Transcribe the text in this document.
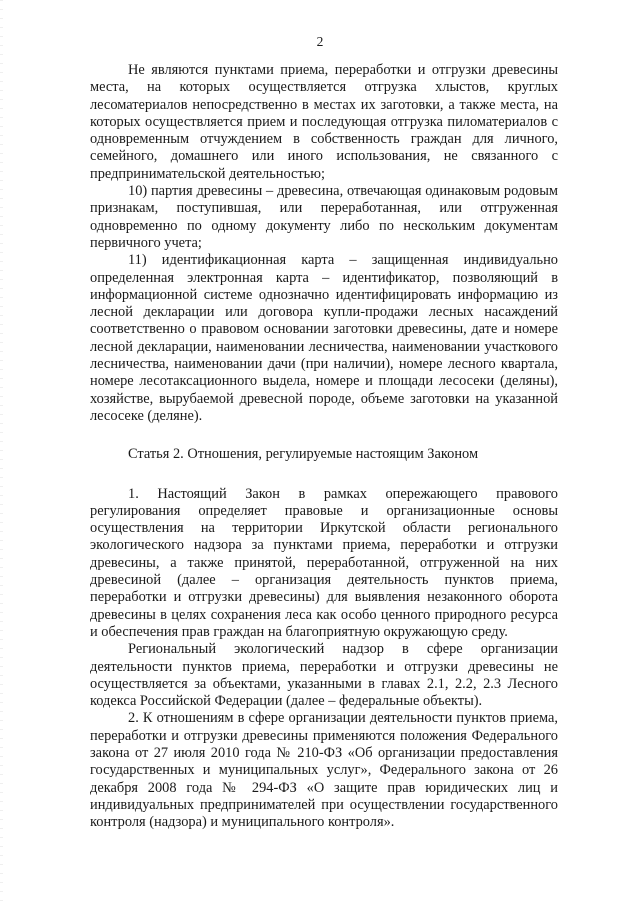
2

Не являются пунктами приема, переработки и отгрузки древесины места, на которых осуществляется отгрузка хлыстов, круглых лесоматериалов непосредственно в местах их заготовки, а также места, на которых осуществляется прием и последующая отгрузка пиломатериалов с одновременным отчуждением в собственность граждан для личного, семейного, домашнего или иного использования, не связанного с предпринимательской деятельностью;

10) партия древесины – древесина, отвечающая одинаковым родовым признакам, поступившая, или переработанная, или отгруженная одновременно по одному документу либо по нескольким документам первичного учета;

11) идентификационная карта – защищенная индивидуально определенная электронная карта – идентификатор, позволяющий в информационной системе однозначно идентифицировать информацию из лесной декларации или договора купли-продажи лесных насаждений соответственно о правовом основании заготовки древесины, дате и номере лесной декларации, наименовании лесничества, наименовании участкового лесничества, наименовании дачи (при наличии), номере лесного квартала, номере лесотаксационного выдела, номере и площади лесосеки (деляны), хозяйстве, вырубаемой древесной породе, объеме заготовки на указанной лесосеке (деляне).

Статья 2. Отношения, регулируемые настоящим Законом

1. Настоящий Закон в рамках опережающего правового регулирования определяет правовые и организационные основы осуществления на территории Иркутской области регионального экологического надзора за пунктами приема, переработки и отгрузки древесины, а также принятой, переработанной, отгруженной на них древесиной (далее – организация деятельность пунктов приема, переработки и отгрузки древесины) для выявления незаконного оборота древесины в целях сохранения леса как особо ценного природного ресурса и обеспечения прав граждан на благоприятную окружающую среду.

Региональный экологический надзор в сфере организации деятельности пунктов приема, переработки и отгрузки древесины не осуществляется за объектами, указанными в главах 2.1, 2.2, 2.3 Лесного кодекса Российской Федерации (далее – федеральные объекты).

2. К отношениям в сфере организации деятельности пунктов приема, переработки и отгрузки древесины применяются положения Федерального закона от 27 июля 2010 года № 210-ФЗ «Об организации предоставления государственных и муниципальных услуг», Федерального закона от 26 декабря 2008 года № 294-ФЗ «О защите прав юридических лиц и индивидуальных предпринимателей при осуществлении государственного контроля (надзора) и муниципального контроля».
